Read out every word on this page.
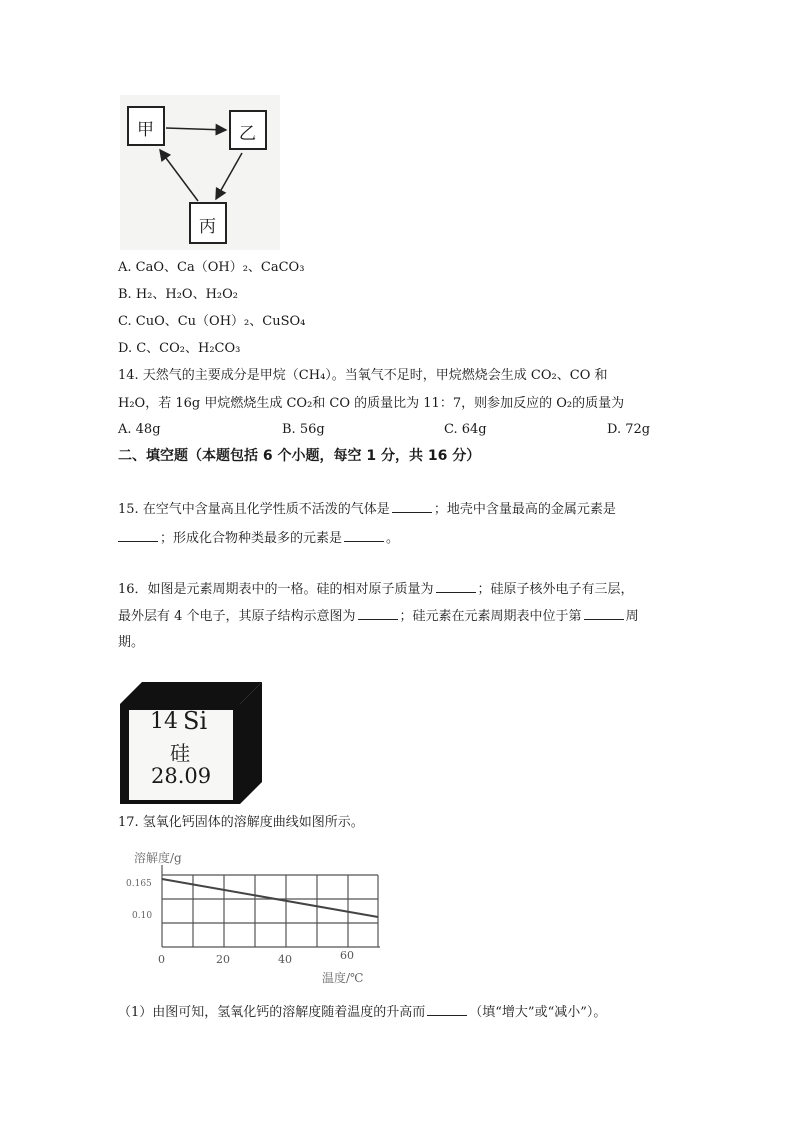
甲	乙
丙
A. CaO、Ca（OH）₂、CaCO₃
B. H₂、H₂O、H₂O₂
C. CuO、Cu（OH）₂、CuSO₄
D. C、CO₂、H₂CO₃
14. 天然气的主要成分是甲烷（CH₄）。当氧气不足时，甲烷燃烧会生成 CO₂、CO 和
H₂O，若 16g 甲烷燃烧生成 CO₂和 CO 的质量比为 11：7，则参加反应的 O₂的质量为
A. 48g	B. 56g	C. 64g	D. 72g
二、填空题（本题包括 6 个小题，每空 1 分，共 16 分）
15. 在空气中含量高且化学性质不活泼的气体是	；地壳中含量最高的金属元素是
；形成化合物种类最多的元素是	。
16．如图是元素周期表中的一格。硅的相对原子质量为	；硅原子核外电子有三层，
最外层有 4 个电子，其原子结构示意图为	；硅元素在元素周期表中位于第	周
期。
14 Si
硅
28.09
17. 氢氧化钙固体的溶解度曲线如图所示。
溶解度/g
0.165
0.10
0	20	40	60
温度/℃
（1）由图可知，氢氧化钙的溶解度随着温度的升高而	（填“增大”或“减小”）。
